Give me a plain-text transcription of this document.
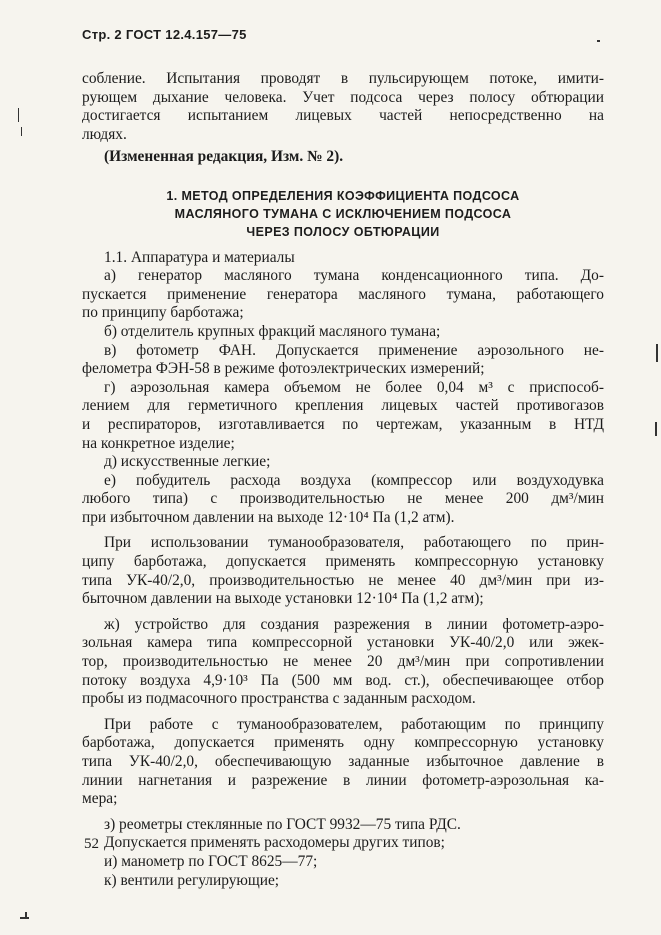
Стр. 2 ГОСТ 12.4.157—75
собление. Испытания проводят в пульсирующем потоке, имити-
рующем дыхание человека. Учет подсоса через полосу обтюрации
достигается испытанием лицевых частей непосредственно на
людях.
(Измененная редакция, Изм. № 2).
1. МЕТОД ОПРЕДЕЛЕНИЯ КОЭФФИЦИЕНТА ПОДСОСА
МАСЛЯНОГО ТУМАНА С ИСКЛЮЧЕНИЕМ ПОДСОСА
ЧЕРЕЗ ПОЛОСУ ОБТЮРАЦИИ
1.1. Аппаратура и материалы
а) генератор масляного тумана конденсационного типа. До-
пускается применение генератора масляного тумана, работающего
по принципу барботажа;
б) отделитель крупных фракций масляного тумана;
в) фотометр ФАН. Допускается применение аэрозольного не-
фелометра ФЭН-58 в режиме фотоэлектрических измерений;
г) аэрозольная камера объемом не более 0,04 м³ с приспособ-
лением для герметичного крепления лицевых частей противогазов
и респираторов, изготавливается по чертежам, указанным в НТД
на конкретное изделие;
д) искусственные легкие;
е) побудитель расхода воздуха (компрессор или воздуходувка
любого типа) с производительностью не менее 200 дм³/мин
при избыточном давлении на выходе 12·10⁴ Па (1,2 атм).
При использовании туманообразователя, работающего по прин-
ципу барботажа, допускается применять компрессорную установку
типа УК-40/2,0, производительностью не менее 40 дм³/мин при из-
быточном давлении на выходе установки 12·10⁴ Па (1,2 атм);
ж) устройство для создания разрежения в линии фотометр-аэро-
зольная камера типа компрессорной установки УК-40/2,0 или эжек-
тор, производительностью не менее 20 дм³/мин при сопротивлении
потоку воздуха 4,9·10³ Па (500 мм вод. ст.), обеспечивающее отбор
пробы из подмасочного пространства с заданным расходом.
При работе с туманообразователем, работающим по принципу
барботажа, допускается применять одну компрессорную установку
типа УК-40/2,0, обеспечивающую заданные избыточное давление в
линии нагнетания и разрежение в линии фотометр-аэрозольная ка-
мера;
з) реометры стеклянные по ГОСТ 9932—75 типа РДС.
Допускается применять расходомеры других типов;
и) манометр по ГОСТ 8625—77;
к) вентили регулирующие;
52
